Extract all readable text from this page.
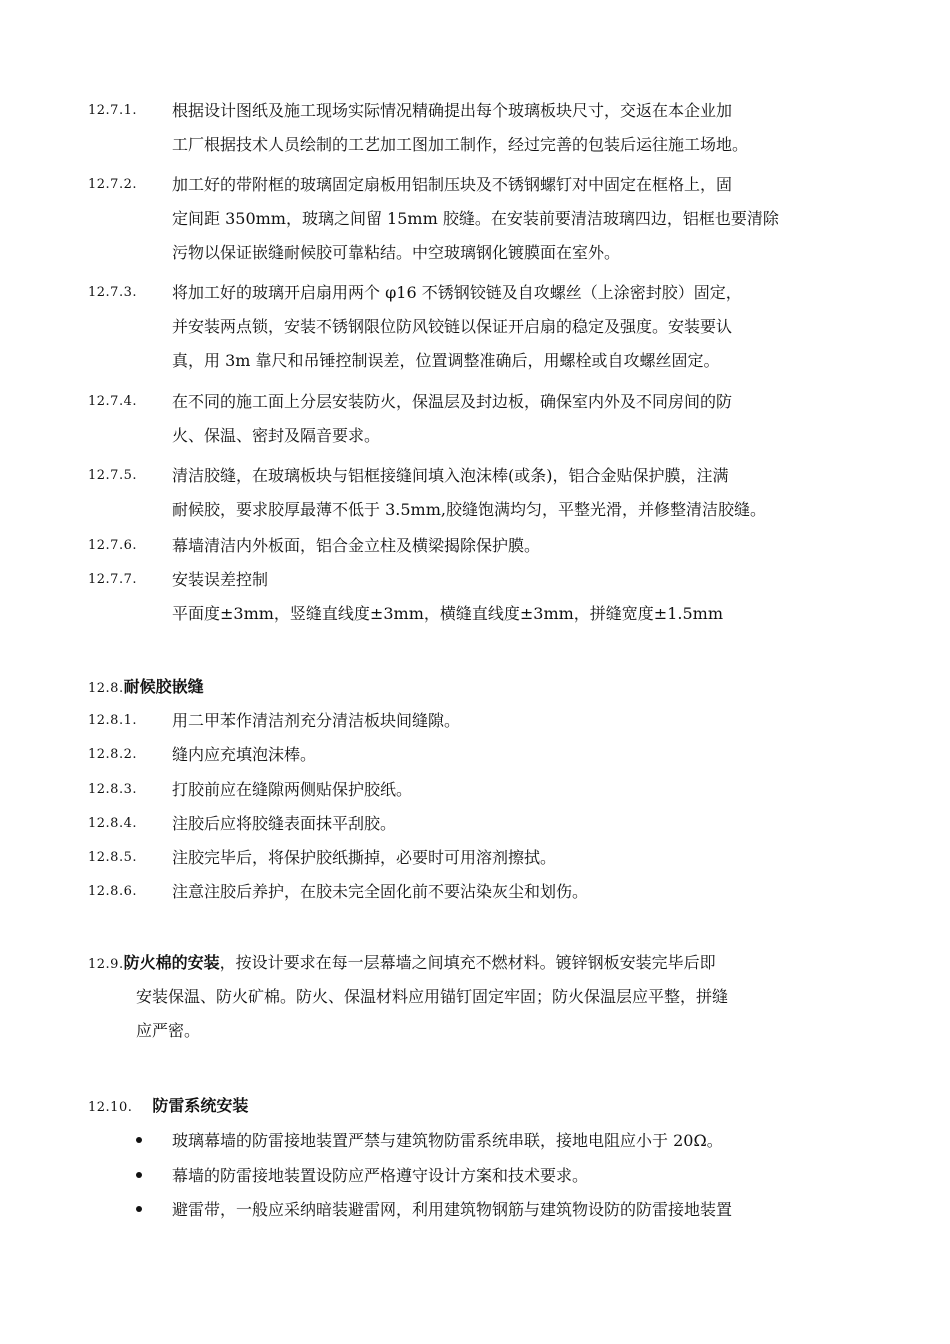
12.7.1. 根据设计图纸及施工现场实际情况精确提出每个玻璃板块尺寸，交返在本企业加
工厂根据技术人员绘制的工艺加工图加工制作，经过完善的包装后运往施工场地。
12.7.2. 加工好的带附框的玻璃固定扇板用铝制压块及不锈钢螺钉对中固定在框格上，固
定间距 350mm，玻璃之间留 15mm 胶缝。在安装前要清洁玻璃四边，铝框也要清除
污物以保证嵌缝耐候胶可靠粘结。中空玻璃钢化镀膜面在室外。
12.7.3. 将加工好的玻璃开启扇用两个 φ16 不锈钢铰链及自攻螺丝（上涂密封胶）固定，
并安装两点锁，安装不锈钢限位防风铰链以保证开启扇的稳定及强度。安装要认
真，用 3m 靠尺和吊锤控制误差，位置调整准确后，用螺栓或自攻螺丝固定。
12.7.4. 在不同的施工面上分层安装防火，保温层及封边板，确保室内外及不同房间的防
火、保温、密封及隔音要求。
12.7.5. 清洁胶缝，在玻璃板块与铝框接缝间填入泡沫棒(或条)，铝合金贴保护膜，注满
耐候胶，要求胶厚最薄不低于 3.5mm,胶缝饱满均匀，平整光滑，并修整清洁胶缝。
12.7.6. 幕墙清洁内外板面，铝合金立柱及横梁揭除保护膜。
12.7.7. 安装误差控制
平面度±3mm，竖缝直线度±3mm，横缝直线度±3mm，拼缝宽度±1.5mm
12.8.耐候胶嵌缝
12.8.1. 用二甲苯作清洁剂充分清洁板块间缝隙。
12.8.2. 缝内应充填泡沫棒。
12.8.3. 打胶前应在缝隙两侧贴保护胶纸。
12.8.4. 注胶后应将胶缝表面抹平刮胶。
12.8.5. 注胶完毕后，将保护胶纸撕掉，必要时可用溶剂擦拭。
12.8.6. 注意注胶后养护，在胶未完全固化前不要沾染灰尘和划伤。
12.9.防火棉的安装，按设计要求在每一层幕墙之间填充不燃材料。镀锌钢板安装完毕后即
安装保温、防火矿棉。防火、保温材料应用锚钉固定牢固；防火保温层应平整，拼缝
应严密。
12.10. 防雷系统安装
玻璃幕墙的防雷接地装置严禁与建筑物防雷系统串联，接地电阻应小于 20Ω。
幕墙的防雷接地装置设防应严格遵守设计方案和技术要求。
避雷带，一般应采纳暗装避雷网，利用建筑物钢筋与建筑物设防的防雷接地装置
